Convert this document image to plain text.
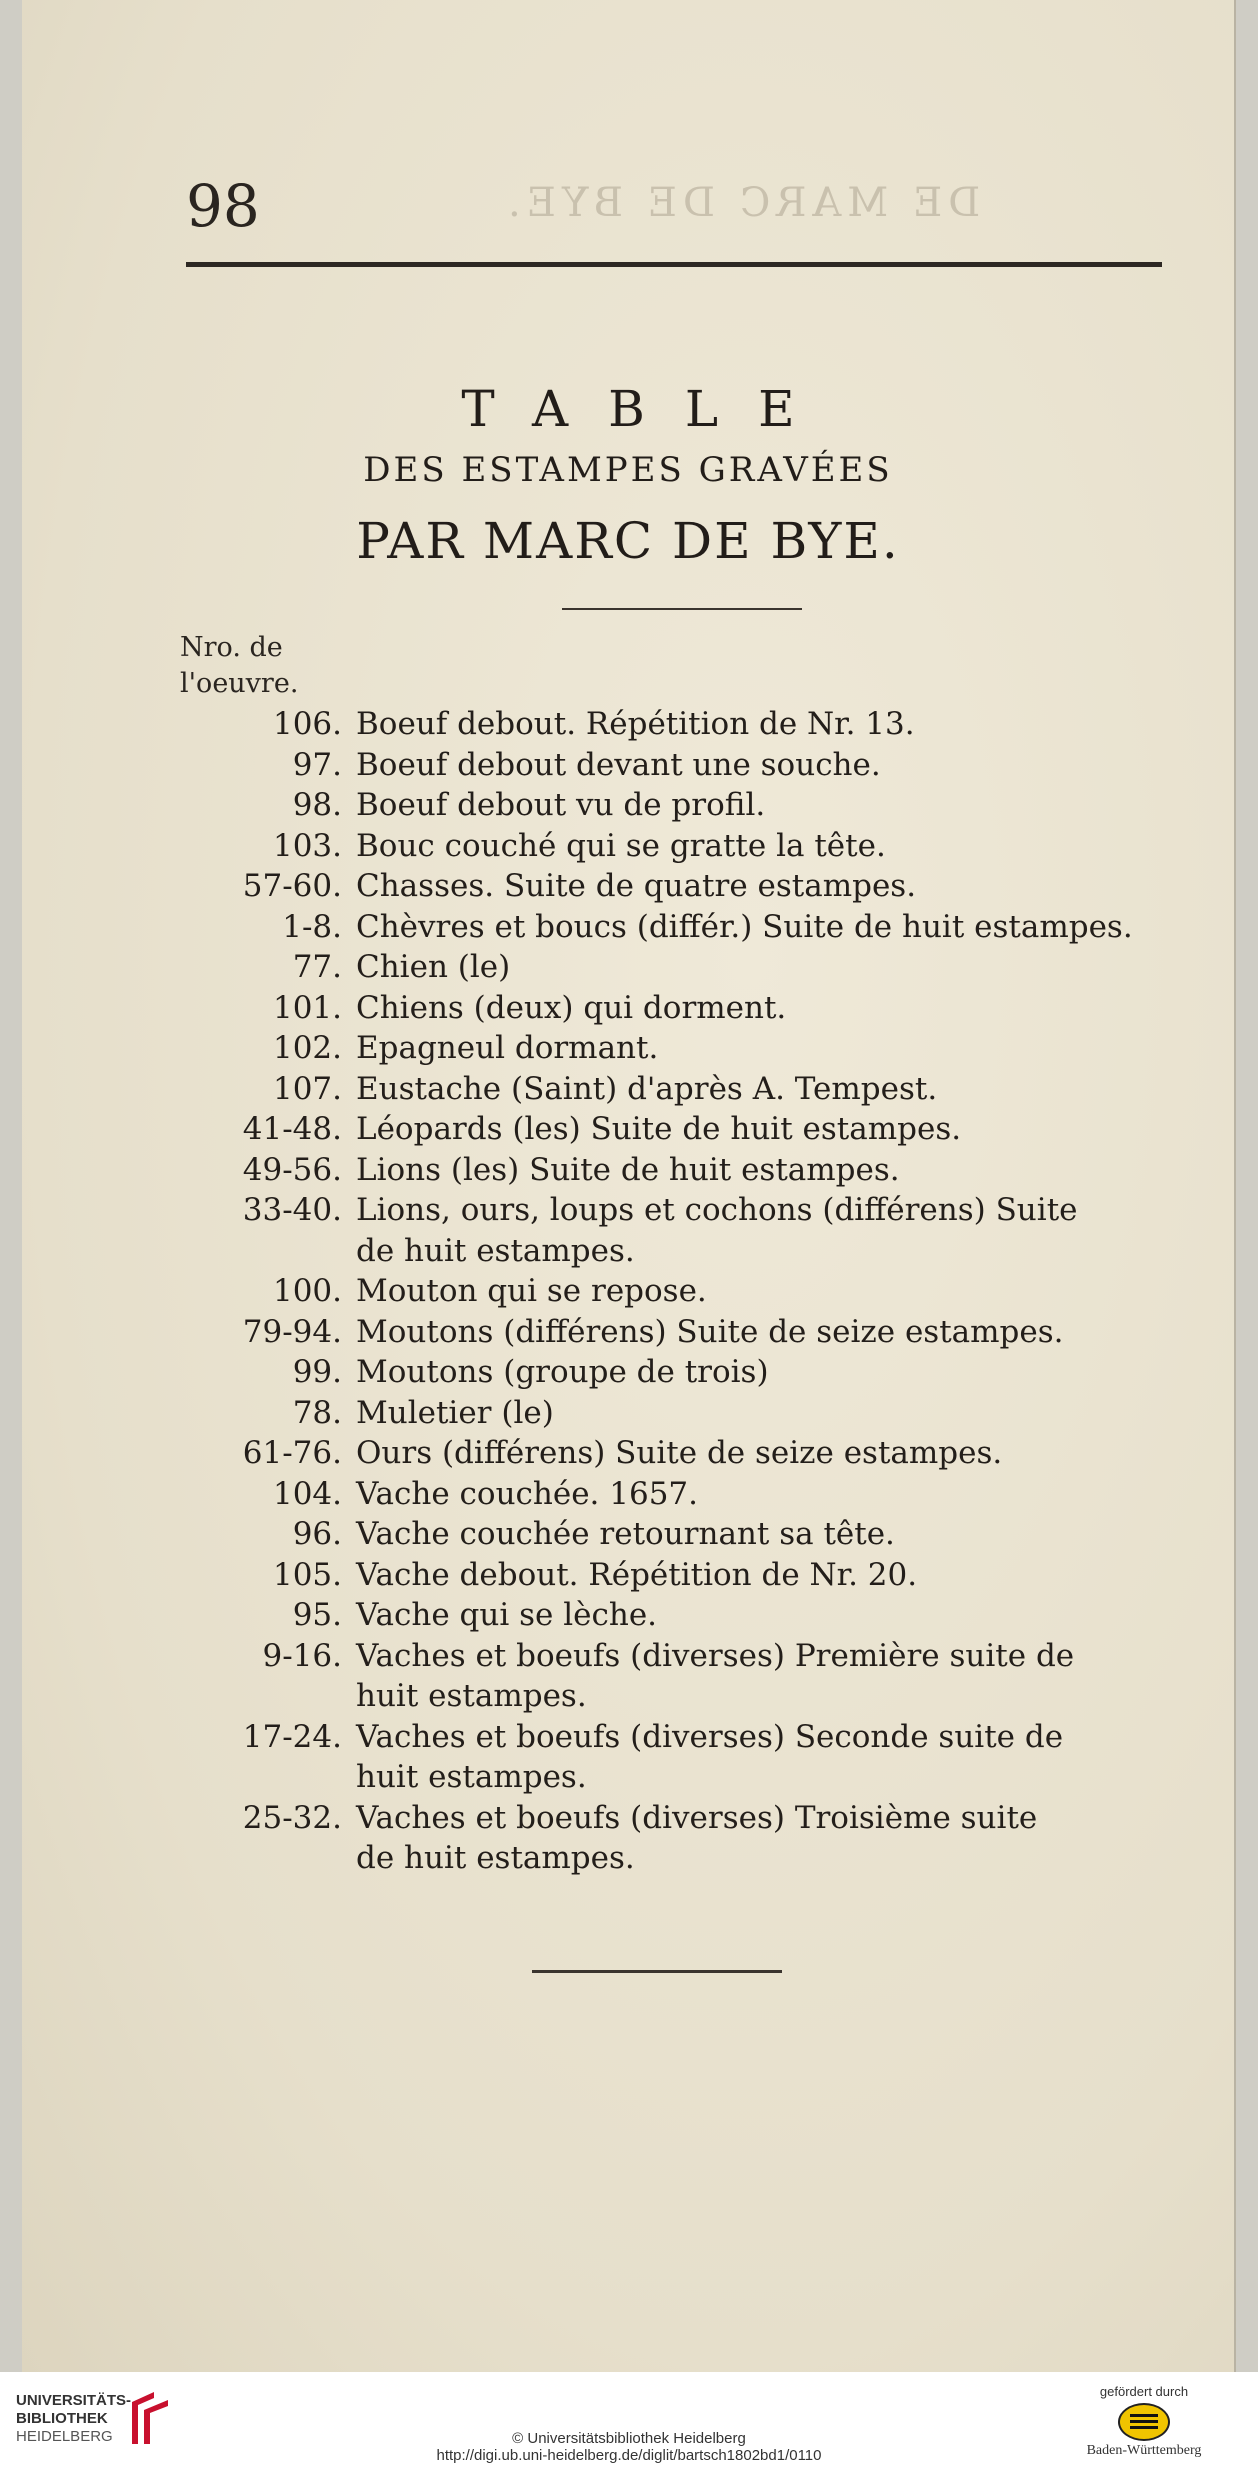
98	DE MARC DE BYE.
TABLE
DES ESTAMPES GRAVÉES
PAR MARC DE BYE.
Nro. de
l'oeuvre.
106. Boeuf debout. Répétition de Nr. 13.
97. Boeuf debout devant une souche.
98. Boeuf debout vu de profil.
103. Bouc couché qui se gratte la tête.
57-60. Chasses. Suite de quatre estampes.
1-8. Chèvres et boucs (différ.) Suite de huit estampes.
77. Chien (le)
101. Chiens (deux) qui dorment.
102. Epagneul dormant.
107. Eustache (Saint) d'après A. Tempest.
41-48. Léopards (les) Suite de huit estampes.
49-56. Lions (les) Suite de huit estampes.
33-40. Lions, ours, loups et cochons (différens) Suite
de huit estampes.
100. Mouton qui se repose.
79-94. Moutons (différens) Suite de seize estampes.
99. Moutons (groupe de trois)
78. Muletier (le)
61-76. Ours (différens) Suite de seize estampes.
104. Vache couchée. 1657.
96. Vache couchée retournant sa tête.
105. Vache debout. Répétition de Nr. 20.
95. Vache qui se lèche.
9-16. Vaches et boeufs (diverses) Première suite de
huit estampes.
17-24. Vaches et boeufs (diverses) Seconde suite de
huit estampes.
25-32. Vaches et boeufs (diverses) Troisième suite
de huit estampes.
UNIVERSITÄTS-
BIBLIOTHEK
HEIDELBERG	© Universitätsbibliothek Heidelberg
http://digi.ub.uni-heidelberg.de/diglit/bartsch1802bd1/0110
gefördert durch
Baden-Württemberg
